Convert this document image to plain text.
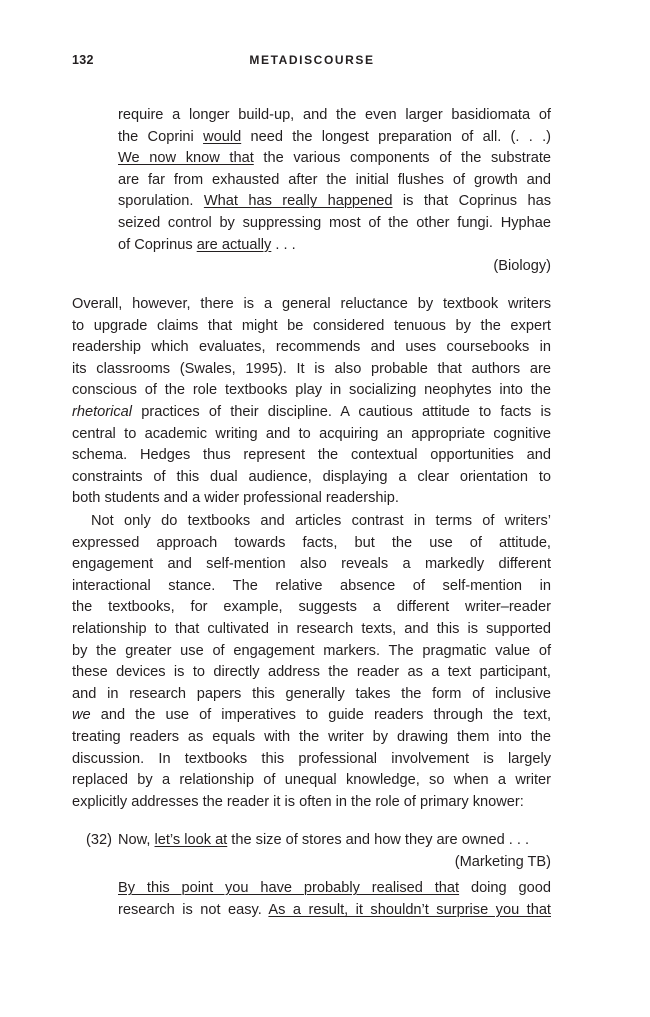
132	METADISCOURSE
require a longer build-up, and the even larger basidiomata of
the Coprini would need the longest preparation of all. (. . .)
We now know that the various components of the substrate
are far from exhausted after the initial flushes of growth and
sporulation. What has really happened is that Coprinus has
seized control by suppressing most of the other fungi. Hyphae
of Coprinus are actually . . .
(Biology)
Overall, however, there is a general reluctance by textbook writers
to upgrade claims that might be considered tenuous by the expert
readership which evaluates, recommends and uses coursebooks in
its classrooms (Swales, 1995). It is also probable that authors are
conscious of the role textbooks play in socializing neophytes into the
rhetorical practices of their discipline. A cautious attitude to facts is
central to academic writing and to acquiring an appropriate cognitive
schema. Hedges thus represent the contextual opportunities and
constraints of this dual audience, displaying a clear orientation to
both students and a wider professional readership.
Not only do textbooks and articles contrast in terms of writers’
expressed approach towards facts, but the use of attitude,
engagement and self-mention also reveals a markedly different
interactional stance. The relative absence of self-mention in
the textbooks, for example, suggests a different writer–reader
relationship to that cultivated in research texts, and this is supported
by the greater use of engagement markers. The pragmatic value of
these devices is to directly address the reader as a text participant,
and in research papers this generally takes the form of inclusive
we and the use of imperatives to guide readers through the text,
treating readers as equals with the writer by drawing them into the
discussion. In textbooks this professional involvement is largely
replaced by a relationship of unequal knowledge, so when a writer
explicitly addresses the reader it is often in the role of primary knower:
(32) Now, let’s look at the size of stores and how they are owned . . .
(Marketing TB)
By this point you have probably realised that doing good
research is not easy. As a result, it shouldn’t surprise you that
